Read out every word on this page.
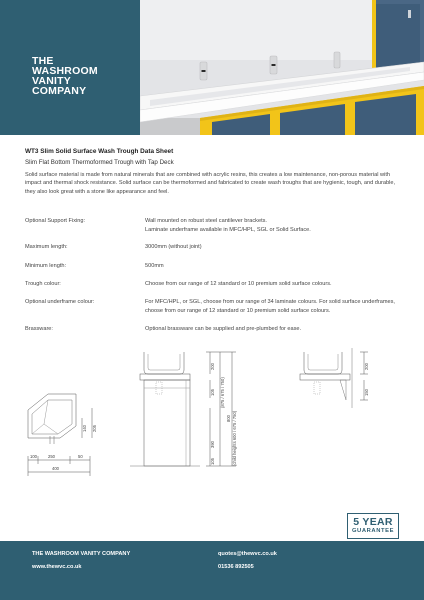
THE
WASHROOM
VANITY
COMPANY
WT3 Slim Solid Surface Wash Trough Data Sheet
Slim Flat Bottom Thermoformed Trough with Tap Deck
Solid surface material is made from natural minerals that are combined with acrylic resins, this creates a low maintenance, non-porous material with impact and thermal shock resistance. Solid surface can be thermoformed and fabricated to create wash troughs that are hygienic, tough, and durable, they also look great with a stone like appearance and feel.
Optional Support Fixing:	Wall mounted on robust steel cantilever brackets.
Laminate underframe available in MFC/HPL, SGL or Solid Surface.
Maximum length:	3000mm (without joint)
Minimum length:	500mm
Trough colour:	Choose from our range of 12 standard or 10 premium solid surface colours.
Optional underframe colour:	For MFC/HPL, or SGL, choose from our range of 34 laminate colours. For solid surface underframes, choose from our range of 12 standard or 10 premium solid surface colours.
Brassware:	Optional brassware can be supplied and pre-plumbed for ease.
140 205
100	250	50
400
200
105 (875 / 675 / 750)
800 (child heights 600 / 675 / 750)
390
105
200
150
5 YEAR
GUARANTEE
THE WASHROOM VANITY COMPANY
www.thewvc.co.uk
quotes@thewvc.co.uk
01536 892505
